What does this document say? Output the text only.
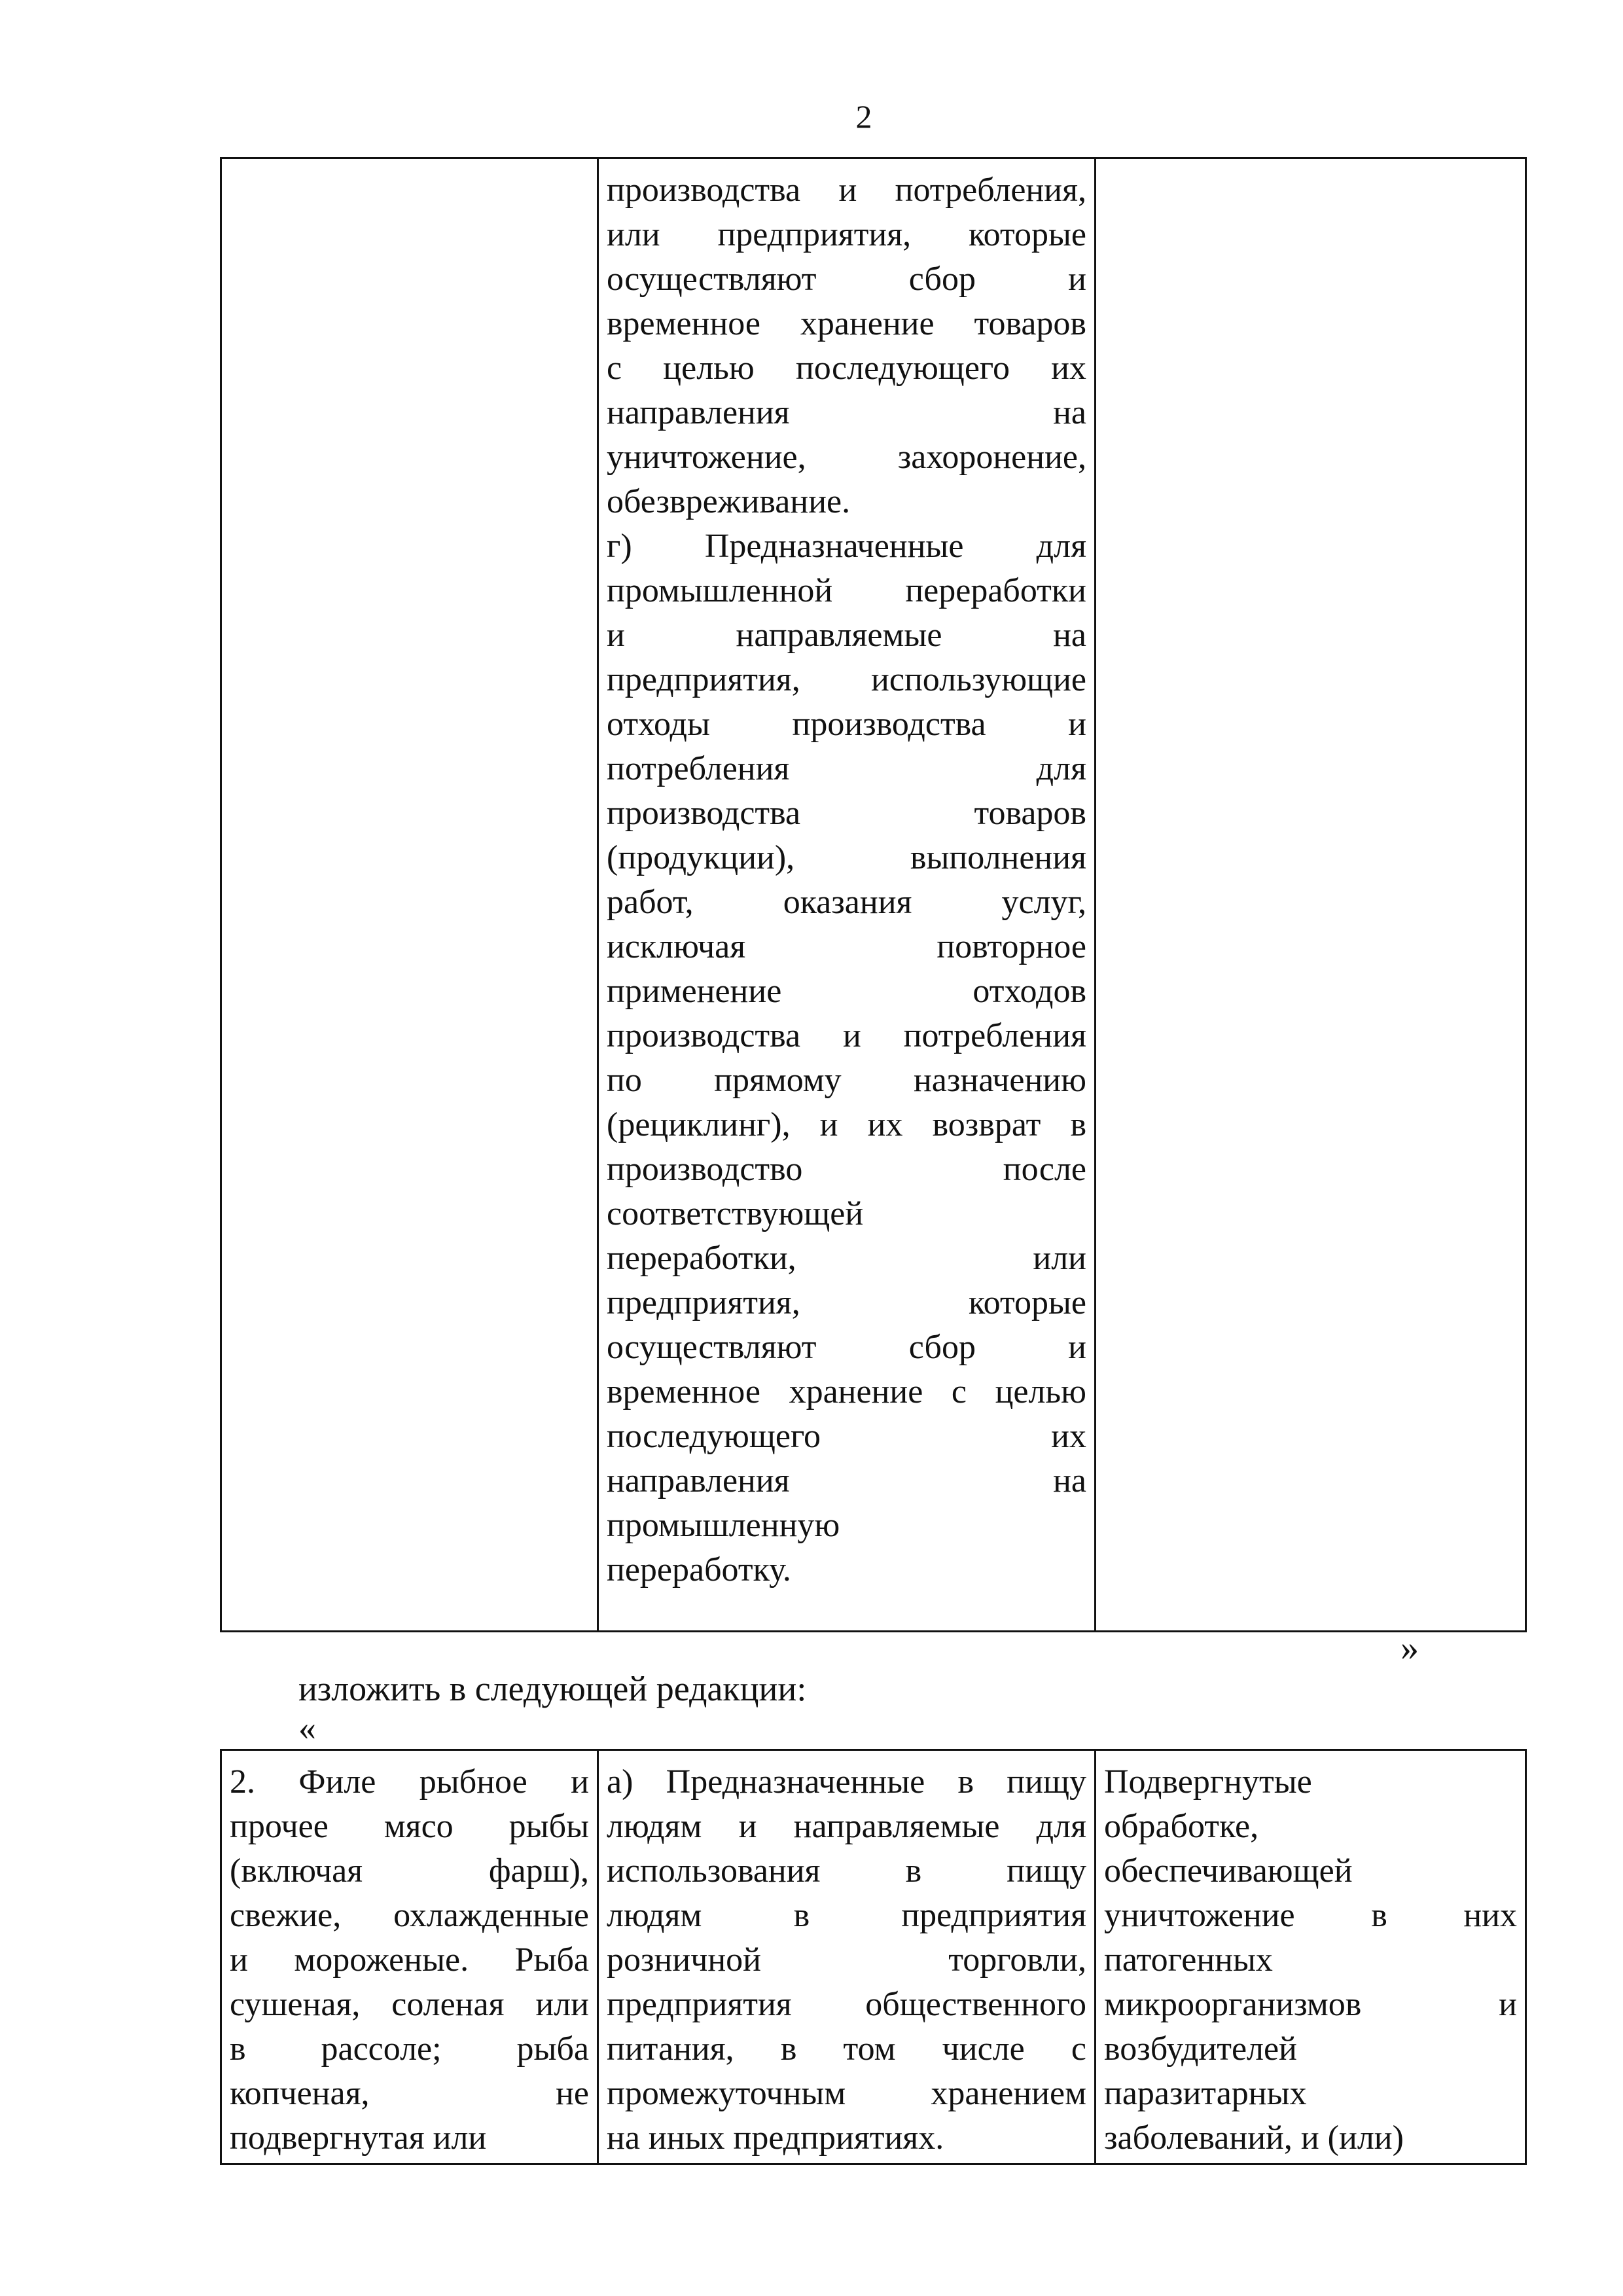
2

производства и потребления,
или предприятия, которые
осуществляют сбор и
временное хранение товаров
с целью последующего их
направления на
уничтожение, захоронение,
обезвреживание.
г) Предназначенные для
промышленной переработки
и направляемые на
предприятия, использующие
отходы производства и
потребления для
производства товаров
(продукции), выполнения
работ, оказания услуг,
исключая повторное
применение отходов
производства и потребления
по прямому назначению
(рециклинг), и их возврат в
производство после
соответствующей
переработки, или
предприятия, которые
осуществляют сбор и
временное хранение с целью
последующего их
направления на
промышленную
переработку.

»
изложить в следующей редакции:
«
2. Филе рыбное и
прочее мясо рыбы
(включая фарш),
свежие, охлажденные
и мороженые. Рыба
сушеная, соленая или
в рассоле; рыба
копченая, не
подвергнутая или

а) Предназначенные в пищу
людям и направляемые для
использования в пищу
людям в предприятия
розничной торговли,
предприятия общественного
питания, в том числе с
промежуточным хранением
на иных предприятиях.

Подвергнутые
обработке,
обеспечивающей
уничтожение в них
патогенных
микроорганизмов и
возбудителей
паразитарных
заболеваний, и (или)
